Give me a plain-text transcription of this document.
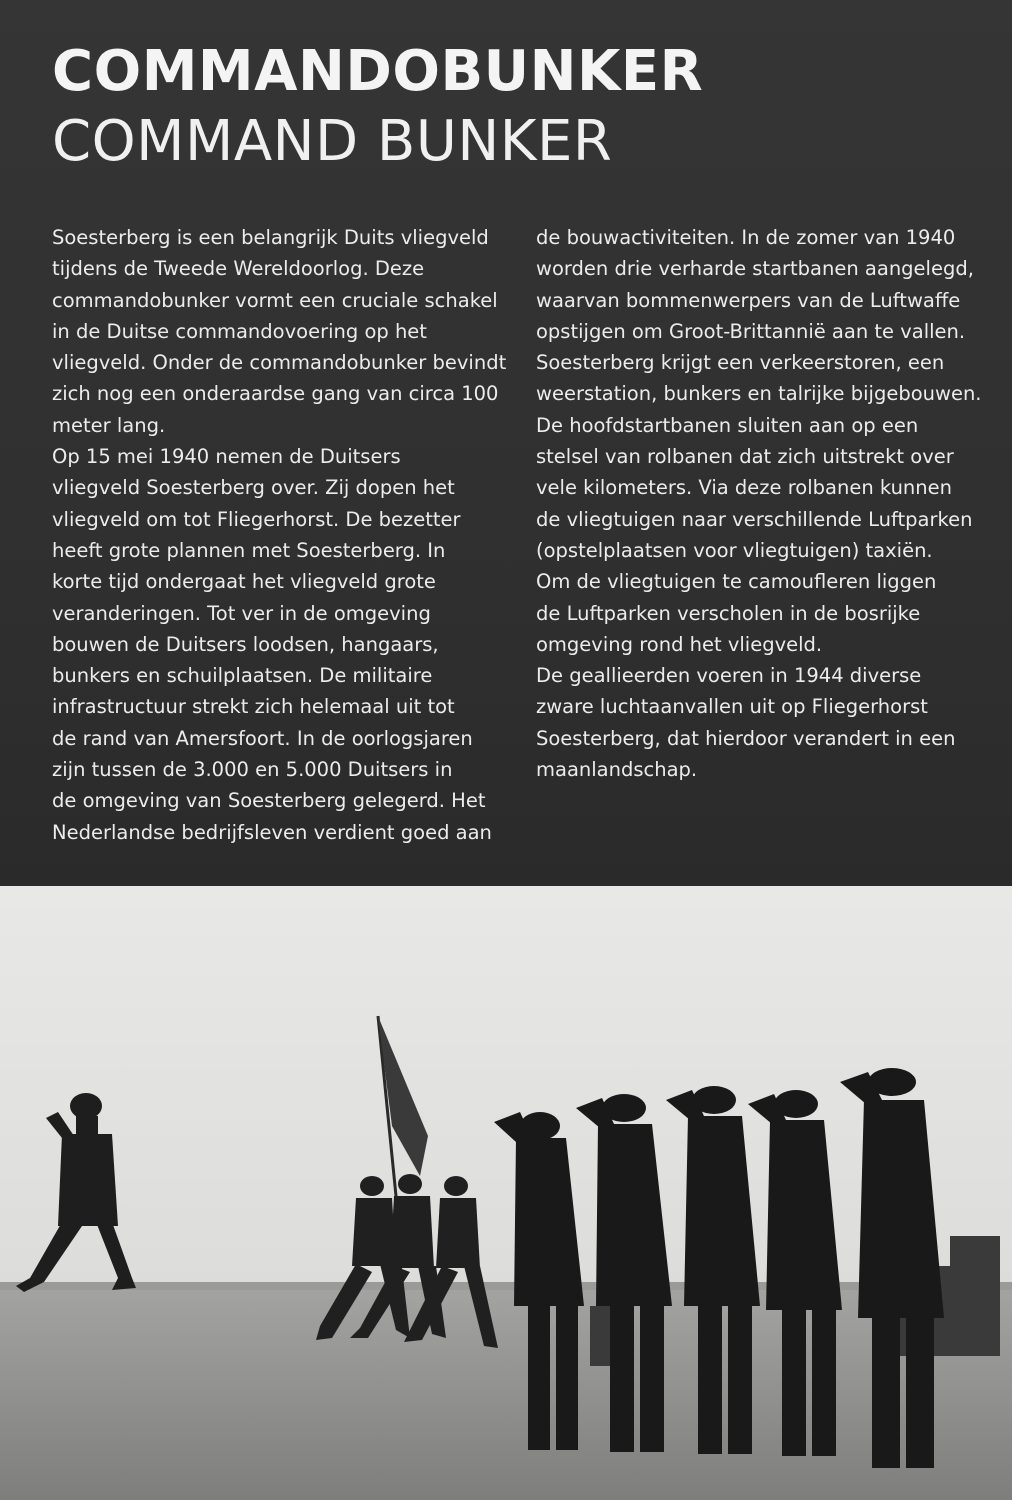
COMMANDOBUNKER
COMMAND BUNKER

Soesterberg is een belangrijk Duits vliegveld

tijdens de Tweede Wereldoorlog. Deze

commandobunker vormt een cruciale schakel

in de Duitse commandovoering op het

vliegveld. Onder de commandobunker bevindt

zich nog een onderaardse gang van circa 100

meter lang.

Op 15 mei 1940 nemen de Duitsers

vliegveld Soesterberg over. Zij dopen het

vliegveld om tot Fliegerhorst. De bezetter

heeft grote plannen met Soesterberg. In

korte tijd ondergaat het vliegveld grote

veranderingen. Tot ver in de omgeving

bouwen de Duitsers loodsen, hangaars,

bunkers en schuilplaatsen. De militaire

infrastructuur strekt zich helemaal uit tot

de rand van Amersfoort. In de oorlogsjaren

zijn tussen de 3.000 en 5.000 Duitsers in

de omgeving van Soesterberg gelegerd. Het

Nederlandse bedrijfsleven verdient goed aan

de bouwactiviteiten. In de zomer van 1940

worden drie verharde startbanen aangelegd,

waarvan bommenwerpers van de Luftwaffe

opstijgen om Groot-Brittannië aan te vallen.

Soesterberg krijgt een verkeerstoren, een

weerstation, bunkers en talrijke bijgebouwen.

De hoofdstartbanen sluiten aan op een

stelsel van rolbanen dat zich uitstrekt over

vele kilometers. Via deze rolbanen kunnen

de vliegtuigen naar verschillende Luftparken

(opstelplaatsen voor vliegtuigen) taxiën.

Om de vliegtuigen te camoufleren liggen

de Luftparken verscholen in de bosrijke

omgeving rond het vliegveld.

De geallieerden voeren in 1944 diverse

zware luchtaanvallen uit op Fliegerhorst

Soesterberg, dat hierdoor verandert in een

maanlandschap.
